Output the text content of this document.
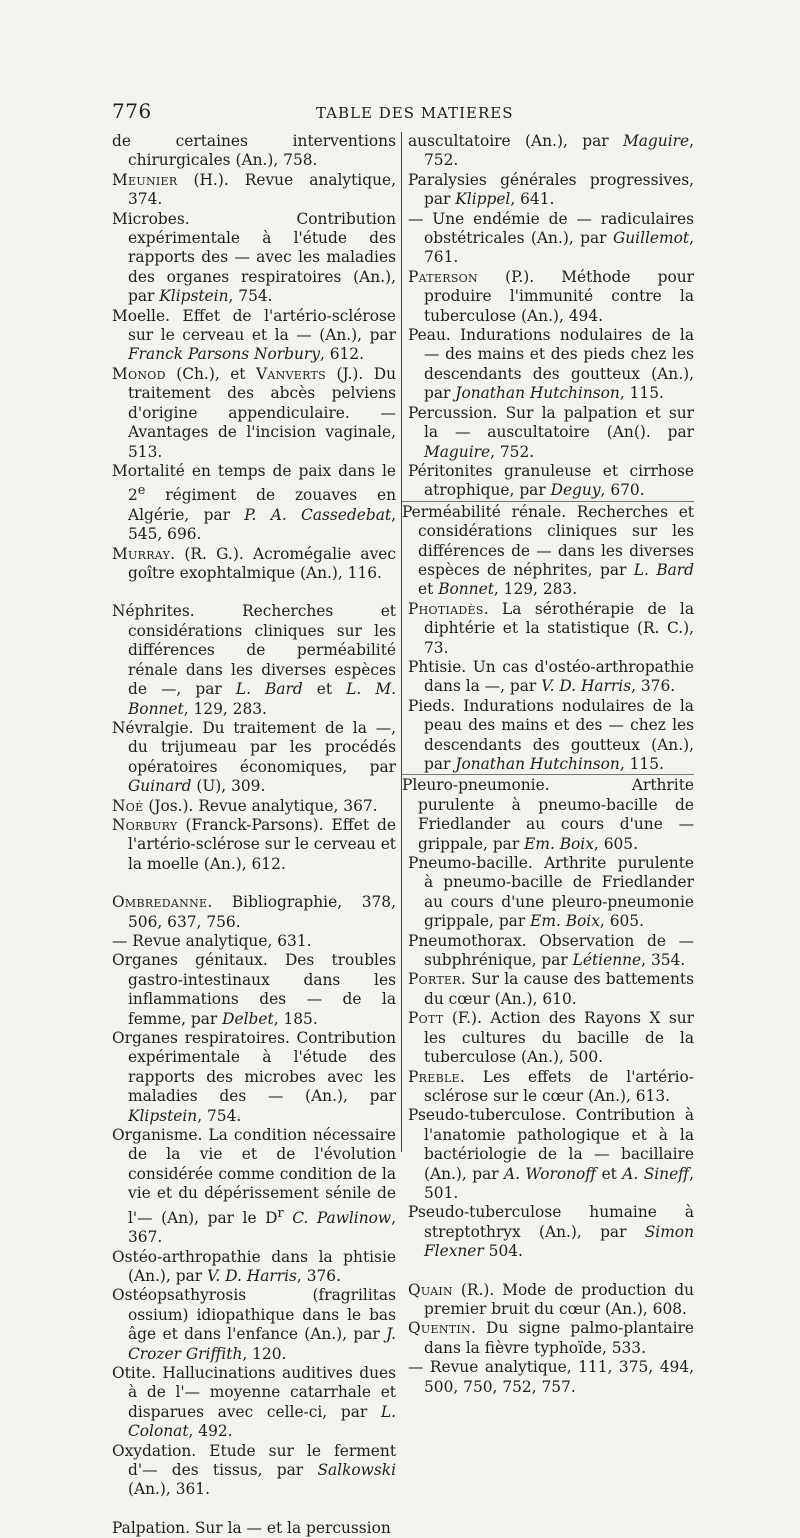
776	TABLE DES MATIERES

de certaines interventions chirurgicales (An.), 758.

Meunier (H.). Revue analytique, 374.

Microbes. Contribution expérimentale à l'étude des rapports des — avec les maladies des organes respiratoires (An.), par Klipstein, 754.

Moelle. Effet de l'artério-sclérose sur le cerveau et la — (An.), par Franck Parsons Norbury, 612.

Monod (Ch.), et Vanverts (J.). Du traitement des abcès pelviens d'origine appendiculaire. — Avantages de l'incision vaginale, 513.

Mortalité en temps de paix dans le 2e régiment de zouaves en Algérie, par P. A. Cassedebat, 545, 696.

Murray. (R. G.). Acromégalie avec goître exophtalmique (An.), 116.

Néphrites. Recherches et considérations cliniques sur les différences de perméabilité rénale dans les diverses espèces de —, par L. Bard et L. M. Bonnet, 129, 283.

Névralgie. Du traitement de la —, du trijumeau par les procédés opératoires économiques, par Guinard (U), 309.

Noé (Jos.). Revue analytique, 367.

Norbury (Franck-Parsons). Effet de l'artério-sclérose sur le cerveau et la moelle (An.), 612.

Ombredanne. Bibliographie, 378, 506, 637, 756.

— Revue analytique, 631.

Organes génitaux. Des troubles gastro-intestinaux dans les inflammations des — de la femme, par Delbet, 185.

Organes respiratoires. Contribution expérimentale à l'étude des rapports des microbes avec les maladies des — (An.), par Klipstein, 754.

Organisme. La condition nécessaire de la vie et de l'évolution considérée comme condition de la vie et du dépérissement sénile de l'— (An), par le $D^r$ C. Pawlinow, 367.

Ostéo-arthropathie dans la phtisie (An.), par V. D. Harris, 376.

Ostéopsathyrosis (fragrilitas ossium) idiopathique dans le bas âge et dans l'enfance (An.), par J. Crozer Griffith, 120.

Otite. Hallucinations auditives dues à de l'— moyenne catarrhale et disparues avec celle-ci, par L. Colonat, 492.

Oxydation. Etude sur le ferment d'— des tissus, par Salkowski (An.), 361.

Palpation. Sur la — et la percussion

auscultatoire (An.), par Maguire, 752.

Paralysies générales progressives, par Klippel, 641.

— Une endémie de — radiculaires obstétricales (An.), par Guillemot, 761.

Paterson (P.). Méthode pour produire l'immunité contre la tuberculose (An.), 494.

Peau. Indurations nodulaires de la — des mains et des pieds chez les descendants des goutteux (An.), par Jonathan Hutchinson, 115.

Percussion. Sur la palpation et sur la — auscultatoire (An(). par Maguire, 752.

Péritonites granuleuse et cirrhose atrophique, par Deguy, 670.

Perméabilité rénale. Recherches et considérations cliniques sur les différences de — dans les diverses espèces de néphrites, par L. Bard et Bonnet, 129, 283.

Photiadès. La sérothérapie de la diphtérie et la statistique (R. C.), 73.

Phtisie. Un cas d'ostéo-arthropathie dans la —, par V. D. Harris, 376.

Pieds. Indurations nodulaires de la peau des mains et des — chez les descendants des goutteux (An.), par Jonathan Hutchinson, 115.

Pleuro-pneumonie. Arthrite purulente à pneumo-bacille de Friedlander au cours d'une — grippale, par Em. Boix, 605.

Pneumo-bacille. Arthrite purulente à pneumo-bacille de Friedlander au cours d'une pleuro-pneumonie grippale, par Em. Boix, 605.

Pneumothorax. Observation de — subphrénique, par Létienne, 354.

Porter. Sur la cause des battements du cœur (An.), 610.

Pott (F.). Action des Rayons X sur les cultures du bacille de la tuberculose (An.), 500.

Preble. Les effets de l'artério-sclérose sur le cœur (An.), 613.

Pseudo-tuberculose. Contribution à l'anatomie pathologique et à la bactériologie de la — bacillaire (An.), par A. Woronoff et A. Sineff, 501.

Pseudo-tuberculose humaine à streptothryx (An.), par Simon Flexner 504.

Quain (R.). Mode de production du premier bruit du cœur (An.), 608.

Quentin. Du signe palmo-plantaire dans la fièvre typhoïde, 533.

— Revue analytique, 111, 375, 494, 500, 750, 752, 757.
